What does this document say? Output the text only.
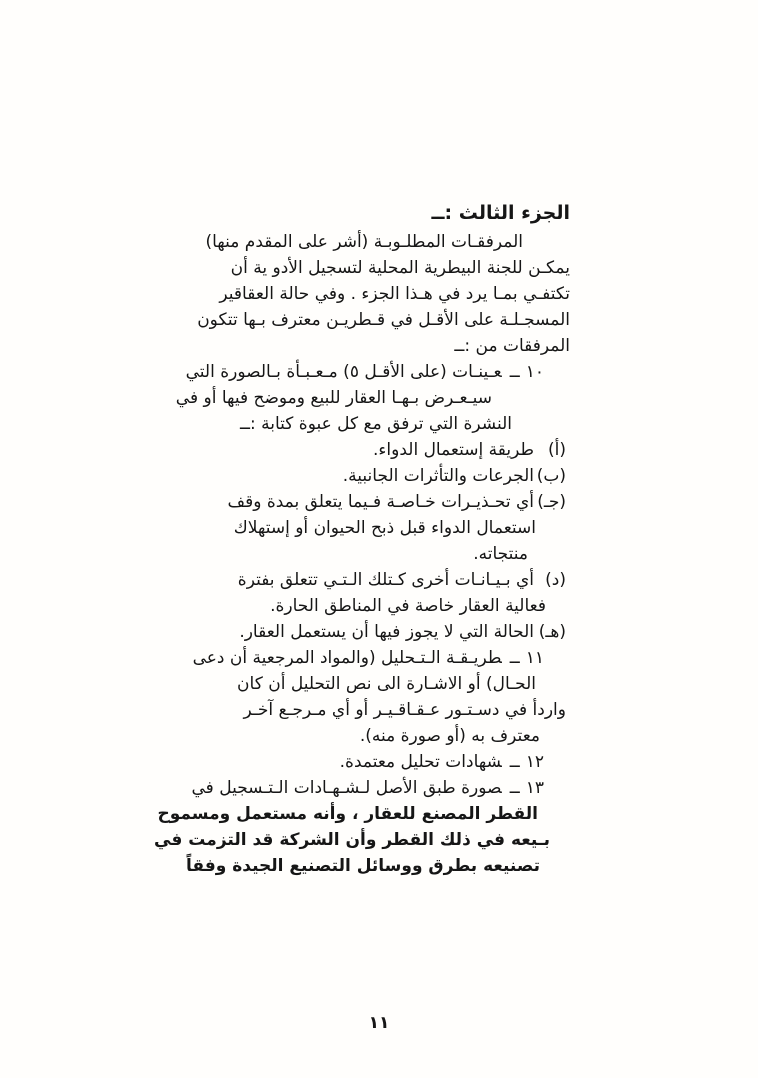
الجزء الثالث :ــ
المرفقـات المطلـوبـة (أشر على المقدم منها)
يمكـن للجنة البيطرية المحلية لتسجيل الأدو ية أن
تكتفـي بمـا يرد في هـذا الجزء . وفي حالة العقاقير
المسجـلـة على الأقـل في قـطريـن معترف بـها تتكون
المرفقات من :ــ
١٠ــعـينـات (على الأقـل ٥) مـعـبـأة بـالصورة التي
سيـعـرض بـهـا العقار للبيع وموضح فيها أو في
النشرة التي ترفق مع كل عبوة كتابة :ــ
(أ)طريقة إستعمال الدواء.
(ب)الجرعات والتأثرات الجانبية.
(جـ)أي تحـذيـرات خـاصـة فـيما يتعلق بمدة وقف
استعمال الدواء قبل ذبح الحيوان أو إستهلاك
منتجاته.
(د)أي بـيـانـات أخرى كـتلك الـتـي تتعلق بفترة
فعالية العقار خاصة في المناطق الحارة.
(هـ)الحالة التي لا يجوز فيها أن يستعمل العقار.
١١ــطريـقـة الـتـحليل (والمواد المرجعية أن دعى
الحـال) أو الاشـارة الى نص التحليل أن كان
واردأ في دسـتـور عـقـاقـيـر أو أي مـرجـع آخـر
معترف به (أو صورة منه).
١٢ــشهادات تحليل معتمدة.
١٣ــصورة طبق الأصل لـشـهـادات الـتـسجيل في
القطر المصنع للعقار ، وأنه مستعمل ومسموح
بـيعه في ذلك القطر وأن الشركة قد التزمت في
تصنيعه بطرق ووسائل التصنيع الجيدة وفقاً
١١
